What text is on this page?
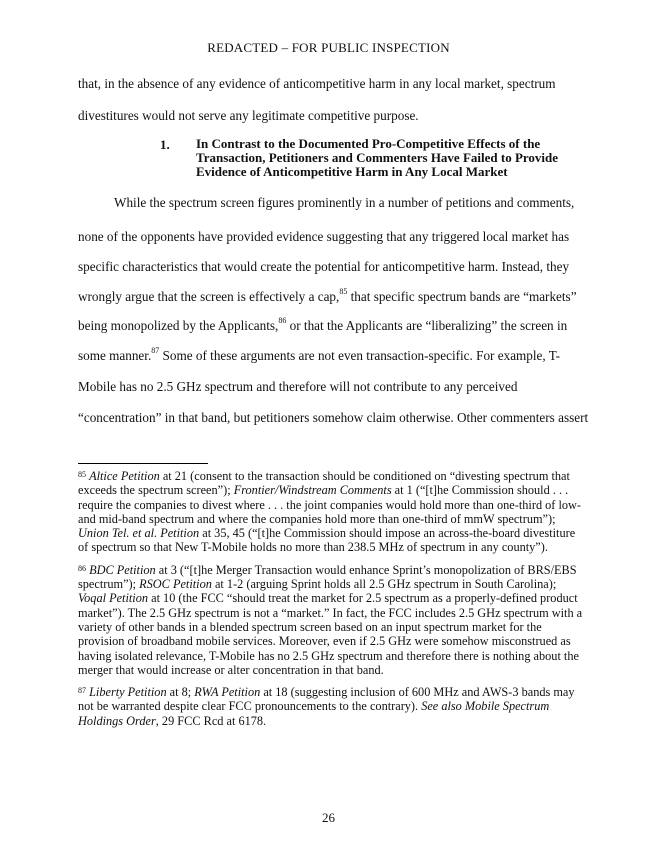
REDACTED – FOR PUBLIC INSPECTION
that, in the absence of any evidence of anticompetitive harm in any local market, spectrum
divestitures would not serve any legitimate competitive purpose.
1. In Contrast to the Documented Pro-Competitive Effects of the
Transaction, Petitioners and Commenters Have Failed to Provide
Evidence of Anticompetitive Harm in Any Local Market
While the spectrum screen figures prominently in a number of petitions and comments,
none of the opponents have provided evidence suggesting that any triggered local market has
specific characteristics that would create the potential for anticompetitive harm. Instead, they
wrongly argue that the screen is effectively a cap,$^{85}$ that specific spectrum bands are “markets”
being monopolized by the Applicants,$^{86}$ or that the Applicants are “liberalizing” the screen in
some manner.$^{87}$ Some of these arguments are not even transaction-specific. For example, T-
Mobile has no 2.5 GHz spectrum and therefore will not contribute to any perceived
“concentration” in that band, but petitioners somehow claim otherwise. Other commenters assert

$^{85}$ Altice Petition at 21 (consent to the transaction should be conditioned on “divesting spectrum that exceeds the spectrum screen”); Frontier/Windstream Comments at 1 (“[t]he Commission should . . . require the companies to divest where . . . the joint companies would hold more than one-third of low- and mid-band spectrum and where the companies hold more than one-third of mmW spectrum”); Union Tel. et al. Petition at 35, 45 (“[t]he Commission should impose an across-the-board divestiture of spectrum so that New T-Mobile holds no more than 238.5 MHz of spectrum in any county”).

$^{86}$ BDC Petition at 3 (“[t]he Merger Transaction would enhance Sprint’s monopolization of BRS/EBS spectrum”); RSOC Petition at 1-2 (arguing Sprint holds all 2.5 GHz spectrum in South Carolina); Voqal Petition at 10 (the FCC “should treat the market for 2.5 spectrum as a properly-defined product market”). The 2.5 GHz spectrum is not a “market.” In fact, the FCC includes 2.5 GHz spectrum with a variety of other bands in a blended spectrum screen based on an input spectrum market for the provision of broadband mobile services. Moreover, even if 2.5 GHz were somehow misconstrued as having isolated relevance, T-Mobile has no 2.5 GHz spectrum and therefore there is nothing about the merger that would increase or alter concentration in that band.

$^{87}$ Liberty Petition at 8; RWA Petition at 18 (suggesting inclusion of 600 MHz and AWS-3 bands may not be warranted despite clear FCC pronouncements to the contrary). See also Mobile Spectrum Holdings Order, 29 FCC Rcd at 6178.

26
